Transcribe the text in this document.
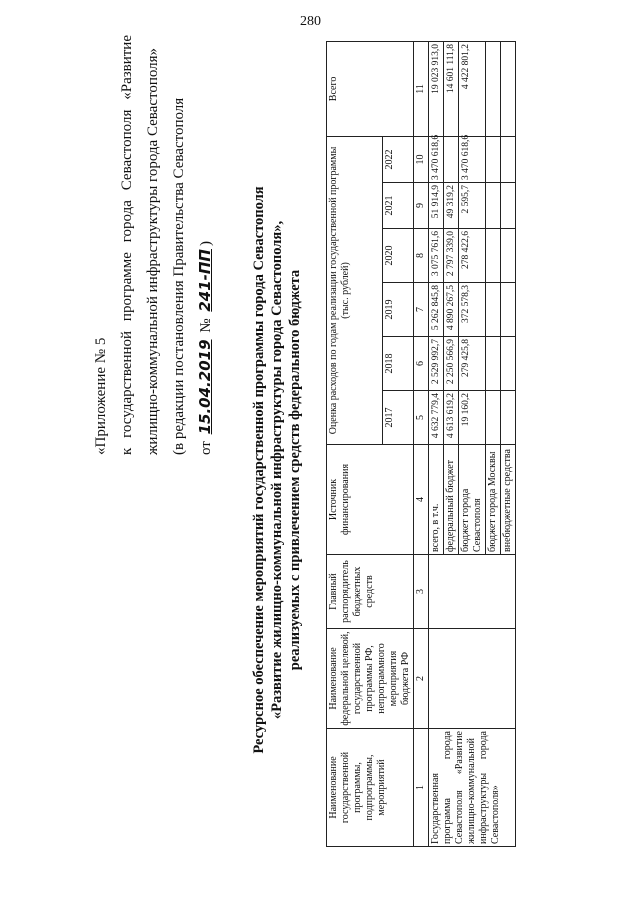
280

«Приложение № 5 к государственной программе города Севастополя «Развитие жилищно-коммунальной инфраструктуры города Севастополя» (в редакции постановления Правительства Севастополя от 15.04.2019 № 241-ПП)	Ресурсное обеспечение мероприятий государственной программы города Севастополя «Развитие жилищно-коммунальной инфраструктуры города Севастополя», реализуемых с привлечением средств федерального бюджета

Наименование государственной программы, подпрограммы, мероприятий	Наименование федеральной целевой, государственной программы РФ, непрограммного мероприятия бюджета РФ	Главный распорядитель бюджетных средств	Источник финансирования	Оценка расходов по годам реализации государственной программы (тыс. рублей)						Всего
				2017	2018	2019	2020	2021	2022	
1	2	3	4	5	6	7	8	9	10	11
Государственная программа города Севастополя «Развитие жилищно-коммунальной инфраструктуры города Севастополя»			всего, в т.ч.	4 632 779,4	2 529 992,7	5 262 845,8	3 075 761,6	51 914,9	3 470 618,6	19 023 913,0
			федеральный бюджет	4 613 619,2	2 250 566,9	4 890 267,5	2 797 339,0	49 319,2		14 601 111,8
			бюджет города Севастополя	19 160,2	279 425,8	372 578,3	278 422,6	2 595,7	3 470 618,6	4 422 801,2
			бюджет города Москвы							
			внебюджетные средства							
